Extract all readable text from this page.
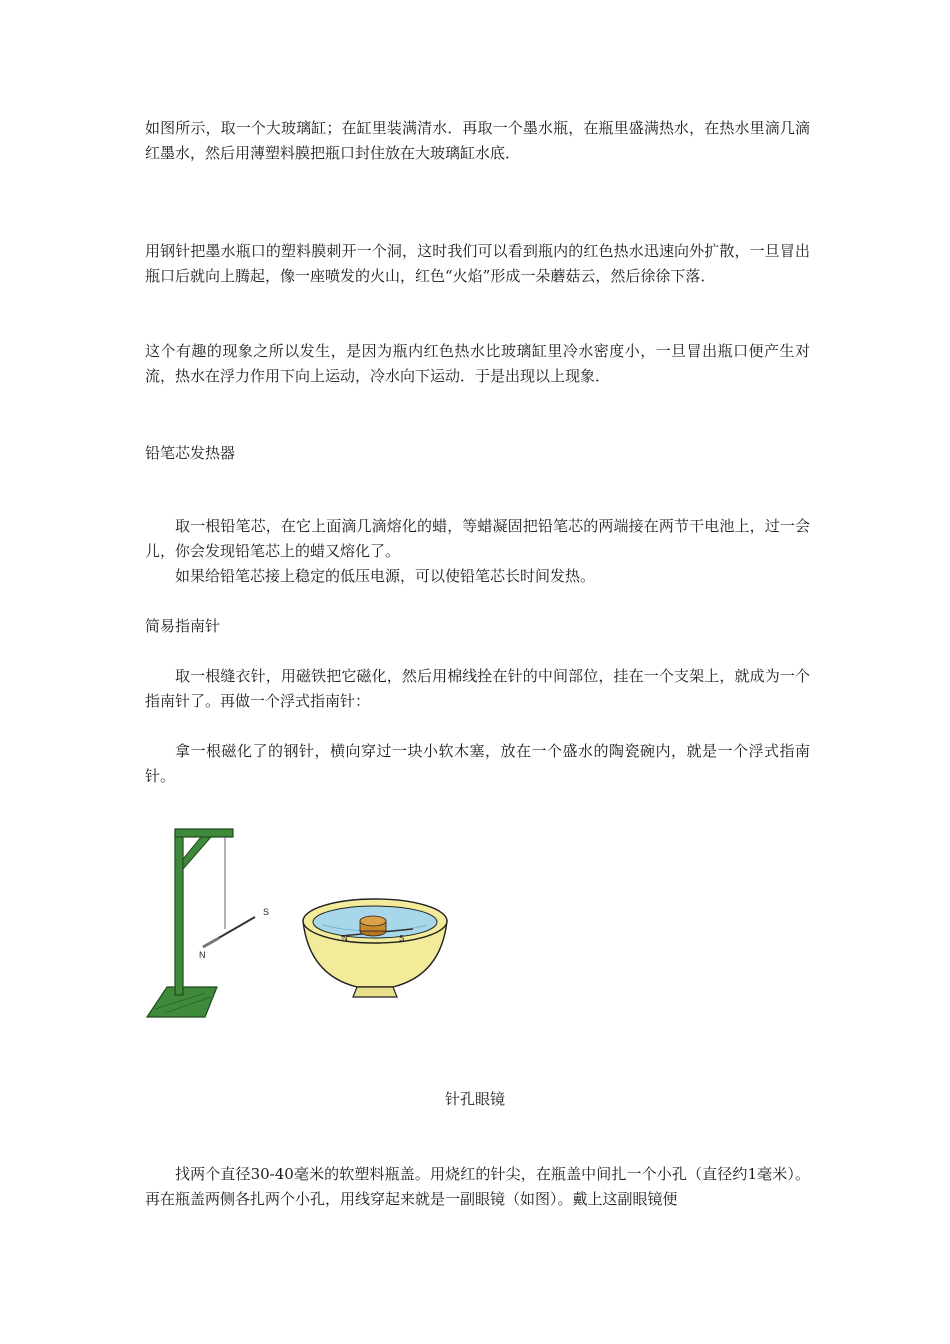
如图所示，取一个大玻璃缸；在缸里装满清水．再取一个墨水瓶，在瓶里盛满热水，在热水里滴几滴红墨水，然后用薄塑料膜把瓶口封住放在大玻璃缸水底．

用钢针把墨水瓶口的塑料膜刺开一个洞，这时我们可以看到瓶内的红色热水迅速向外扩散，一旦冒出瓶口后就向上腾起，像一座喷发的火山，红色“火焰”形成一朵蘑菇云，然后徐徐下落．

这个有趣的现象之所以发生，是因为瓶内红色热水比玻璃缸里冷水密度小，一旦冒出瓶口便产生对流，热水在浮力作用下向上运动，冷水向下运动．于是出现以上现象．

铅笔芯发热器

取一根铅笔芯，在它上面滴几滴熔化的蜡，等蜡凝固把铅笔芯的两端接在两节干电池上，过一会儿，你会发现铅笔芯上的蜡又熔化了。

如果给铅笔芯接上稳定的低压电源，可以使铅笔芯长时间发热。

简易指南针

取一根缝衣针，用磁铁把它磁化，然后用棉线拴在针的中间部位，挂在一个支架上，就成为一个指南针了。再做一个浮式指南针：

拿一根磁化了的钢针，横向穿过一块小软木塞，放在一个盛水的陶瓷碗内，就是一个浮式指南针。

S
N
N	S

针孔眼镜

找两个直径30-40毫米的软塑料瓶盖。用烧红的针尖，在瓶盖中间扎一个小孔（直径约1毫米）。再在瓶盖两侧各扎两个小孔，用线穿起来就是一副眼镜（如图）。戴上这副眼镜便
